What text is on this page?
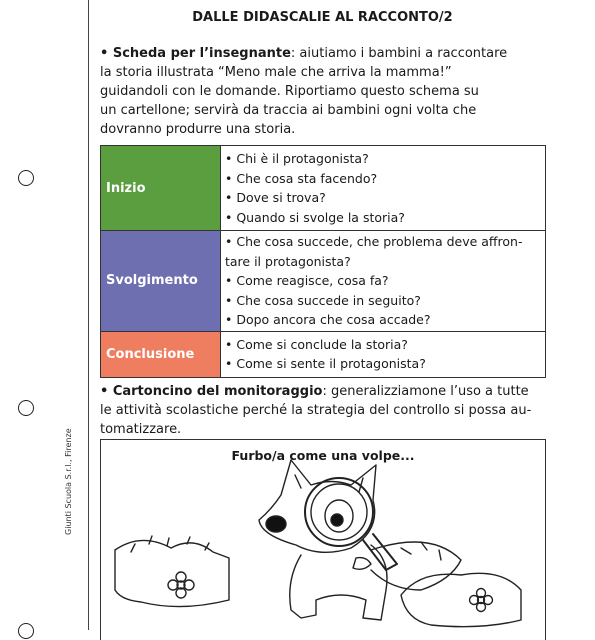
Giunti Scuola S.r.l., Firenze
DALLE DIDASCALIE AL RACCONTO/2
• Scheda per l’insegnante: aiutiamo i bambini a raccontare
la storia illustrata “Meno male che arriva la mamma!”
guidandoli con le domande. Riportiamo questo schema su
un cartellone; servirà da traccia ai bambini ogni volta che
dovranno produrre una storia.
Inizio	• Chi è il protagonista?
• Che cosa sta facendo?
• Dove si trova?
• Quando si svolge la storia?

Svolgimento	• Che cosa succede, che problema deve affron-
tare il protagonista?
• Come reagisce, cosa fa?
• Che cosa succede in seguito?
• Dopo ancora che cosa accade?

Conclusione	• Come si conclude la storia?
• Come si sente il protagonista?
• Cartoncino del monitoraggio: generalizziamone l’uso a tutte
le attività scolastiche perché la strategia del controllo si possa au-
tomatizzare.
Furbo/a come una volpe...
